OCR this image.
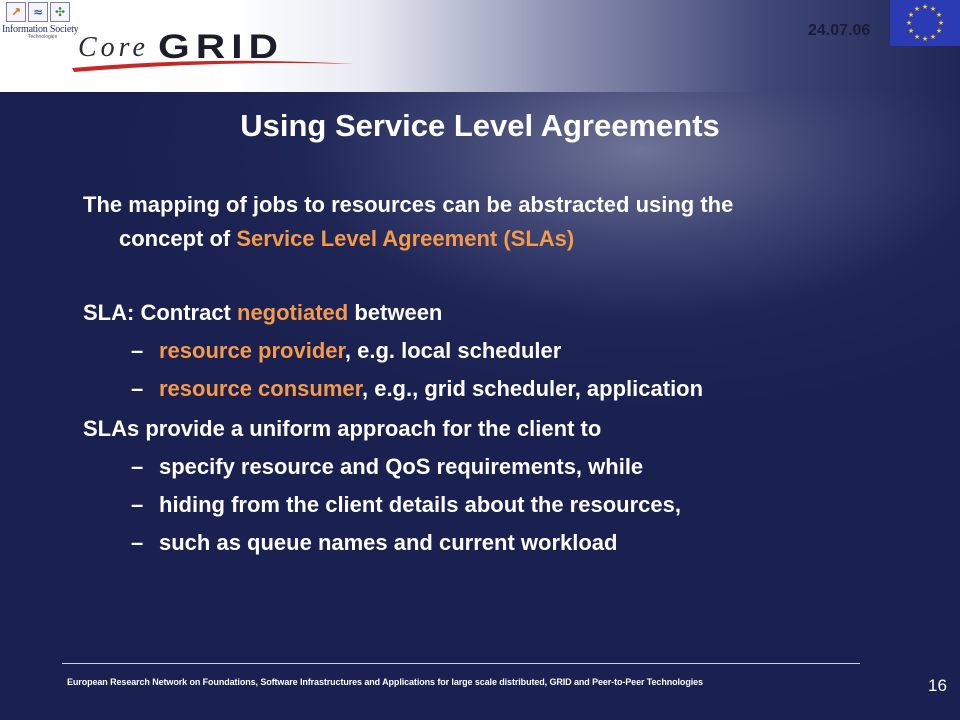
↗ ≈ ✣
Information Society
Technologies Core GRID	24.07.06
★ ★
★
★
★
★
★
★
★
★
★
★
Using Service Level Agreements
The mapping of jobs to resources can be abstracted using the
concept of Service Level Agreement (SLAs)
SLA: Contract negotiated between
– resource provider, e.g. local scheduler
– resource consumer, e.g., grid scheduler, application
SLAs provide a uniform approach for the client to
– specify resource and QoS requirements, while
– hiding from the client details about the resources,
– such as queue names and current workload
European Research Network on Foundations, Software Infrastructures and Applications for large scale distributed, GRID and Peer-to-Peer Technologies	16
